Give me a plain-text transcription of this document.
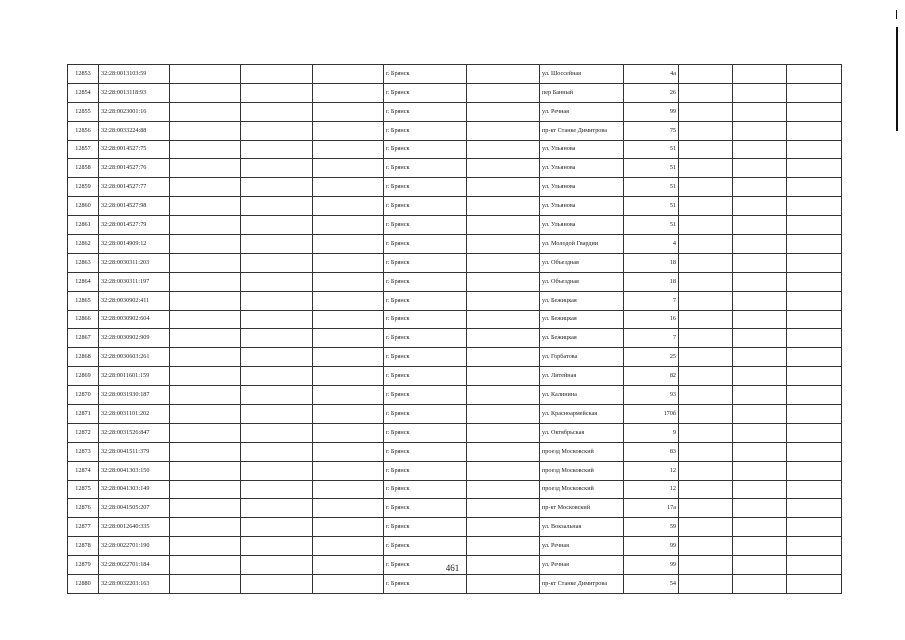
12853	32:28:0013103:59				г. Брянск		ул. Шоссейная	4а			
12854	32:28:0013118:93				г. Брянск		пер Банный	26			
12855	32:28:0023001:16				г. Брянск		ул. Речная	99			
12856	32:28:0033224:88				г. Брянск		пр-кт Станке Димитрова	75			
12857	32:28:0014527:75				г. Брянск		ул. Ульянова	51			
12858	32:28:0014527:76				г. Брянск		ул. Ульянова	51			
12859	32:28:0014527:77				г. Брянск		ул. Ульянова	51			
12860	32:28:0014527:98				г. Брянск		ул. Ульянова	51			
12861	32:28:0014527:79				г. Брянск		ул. Ульянова	51			
12862	32:28:0014909:12				г. Брянск		ул. Молодой Гвардии	4			
12863	32:28:0030311:203				г. Брянск		ул. Объездная	18			
12864	32:28:0030311:197				г. Брянск		ул. Объездная	18			
12865	32:28:0030902:411				г. Брянск		ул. Бежицкая	7			
12866	32:28:0030902:604				г. Брянск		ул. Бежицкая	16			
12867	32:28:0030902:909				г. Брянск		ул. Бежицкая	7			
12868	32:28:0030603:261				г. Брянск		ул. Горбатова	25			
12869	32:28:0011601:159				г. Брянск		ул. Литейная	82			
12870	32:28:0031930:187				г. Брянск		ул. Калинина	93			
12871	32:28:0031101:202				г. Брянск		ул. Красноармейская	170б			
12872	32:28:0031526:847				г. Брянск		ул. Октябрьская	9			
12873	32:28:0041511:379				г. Брянск		проезд Московский	83			
12874	32:28:0041303:150				г. Брянск		проезд Московский	12			
12875	32:28:0041303:149				г. Брянск		проезд Московский	12			
12876	32:28:0041505:207				г. Брянск		пр-кт Московский	17а			
12877	32:28:0012640:335				г. Брянск		ул. Вокзальная	59			
12878	32:28:0022701:190				г. Брянск		ул. Речная	99			
12879	32:28:0022701:184				г. Брянск		ул. Речная	99			
12880	32:28:0032203:163				г. Брянск		пр-кт Станке Димитрова	54			
461
